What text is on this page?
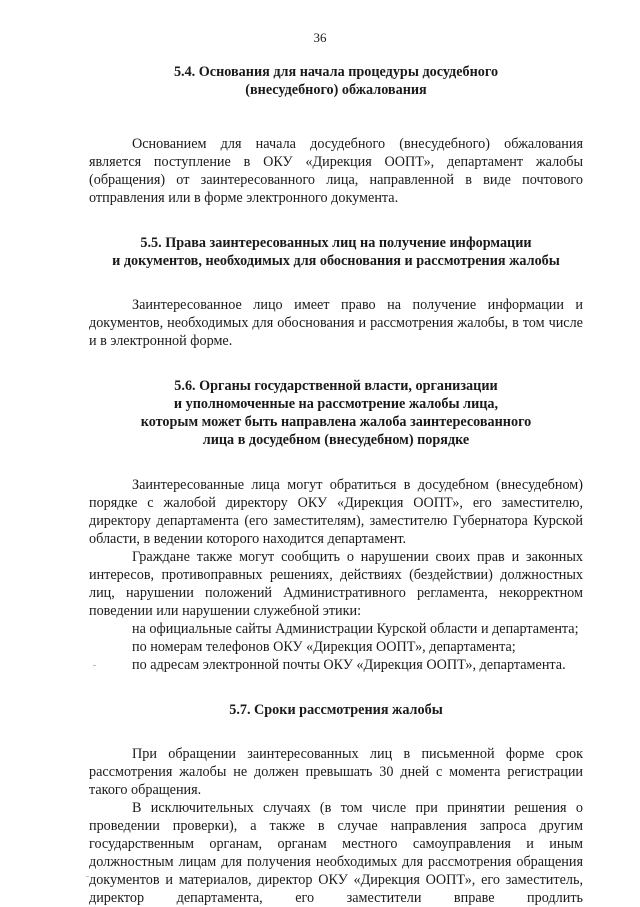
36
5.4. Основания для начала процедуры досудебного
(внесудебного) обжалования

Основанием для начала досудебного (внесудебного) обжалования является поступление в ОКУ «Дирекция ООПТ», департамент жалобы (обращения) от заинтересованного лица, направленной в виде почтового отправления или в форме электронного документа.

5.5. Права заинтересованных лиц на получение информации
и документов, необходимых для обоснования и рассмотрения жалобы

Заинтересованное лицо имеет право на получение информации и документов, необходимых для обоснования и рассмотрения жалобы, в том числе и в электронной форме.

5.6. Органы государственной власти, организации
и уполномоченные на рассмотрение жалобы лица,
которым может быть направлена жалоба заинтересованного
лица в досудебном (внесудебном) порядке

Заинтересованные лица могут обратиться в досудебном (внесудебном) порядке с жалобой директору ОКУ «Дирекция ООПТ», его заместителю, директору департамента (его заместителям), заместителю Губернатора Курской области, в ведении которого находится департамент.

Граждане также могут сообщить о нарушении своих прав и законных интересов, противоправных решениях, действиях (бездействии) должностных лиц, нарушении положений Административного регламента, некорректном поведении или нарушении служебной этики:

на официальные сайты Администрации Курской области и департамента;

по номерам телефонов ОКУ «Дирекция ООПТ», департамента;

по адресам электронной почты ОКУ «Дирекция ООПТ», департамента.

5.7. Сроки рассмотрения жалобы

При обращении заинтересованных лиц в письменной форме срок рассмотрения жалобы не должен превышать 30 дней с момента регистрации такого обращения.

В исключительных случаях (в том числе при принятии решения о проведении проверки), а также в случае направления запроса другим государственным органам, органам местного самоуправления и иным должностным лицам для получения необходимых для рассмотрения обращения документов и материалов, директор ОКУ «Дирекция ООПТ», его заместитель, директор департамента, его заместители вправе продлить
